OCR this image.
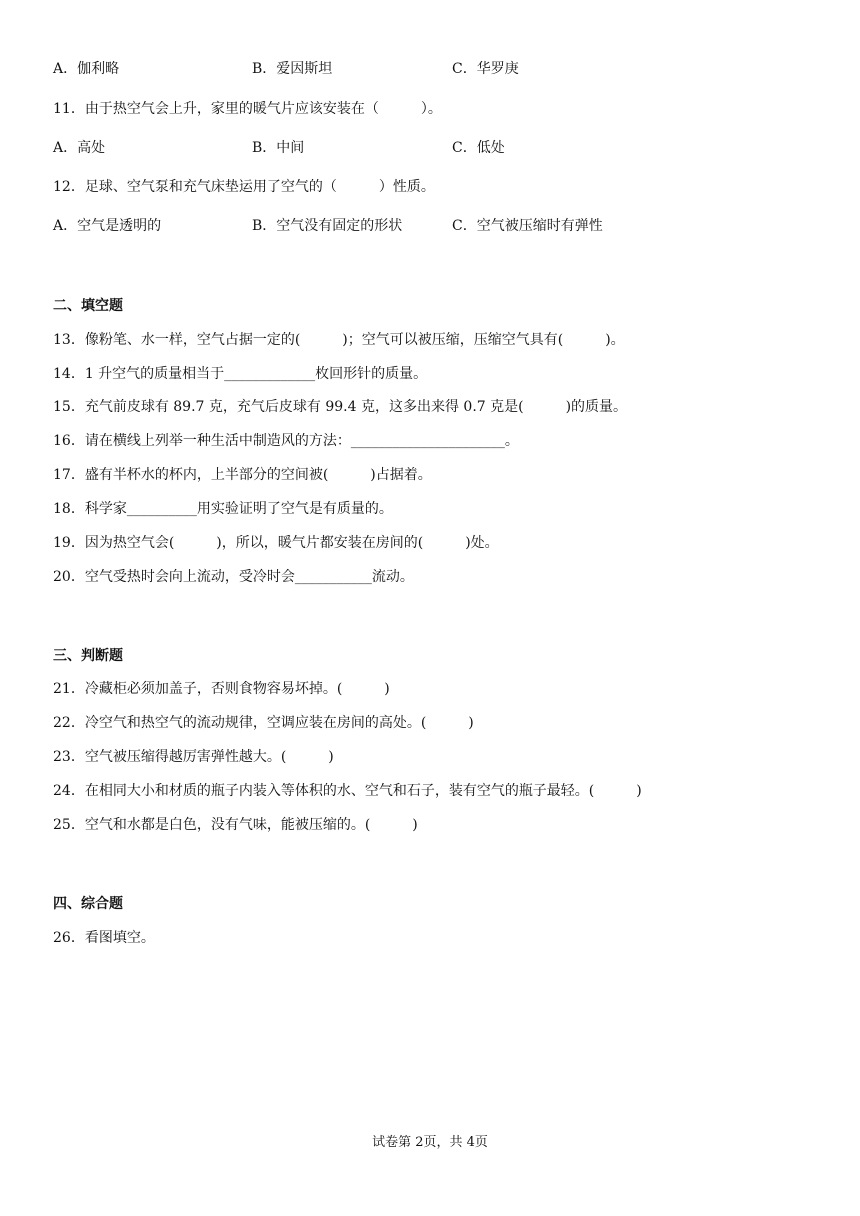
A．伽利略	B．爱因斯坦	C．华罗庚
11．由于热空气会上升，家里的暖气片应该安装在（　　　）。
A．高处	B．中间	C．低处
12．足球、空气泵和充气床垫运用了空气的（　　　）性质。
A．空气是透明的	B．空气没有固定的形状	C．空气被压缩时有弹性
二、填空题
13．像粉笔、水一样，空气占据一定的(　　　)；空气可以被压缩，压缩空气具有(　　　)。
14．1 升空气的质量相当于_____________枚回形针的质量。
15．充气前皮球有 89.7 克，充气后皮球有 99.4 克，这多出来得 0.7 克是(　　　)的质量。
16．请在横线上列举一种生活中制造风的方法：______________________。
17．盛有半杯水的杯内，上半部分的空间被(　　　)占据着。
18．科学家__________用实验证明了空气是有质量的。
19．因为热空气会(　　　)，所以，暖气片都安装在房间的(　　　)处。
20．空气受热时会向上流动，受冷时会___________流动。
三、判断题
21．冷藏柜必须加盖子，否则食物容易坏掉。(　　　)
22．冷空气和热空气的流动规律，空调应装在房间的高处。(　　　)
23．空气被压缩得越厉害弹性越大。(　　　)
24．在相同大小和材质的瓶子内装入等体积的水、空气和石子，装有空气的瓶子最轻。(　　　)
25．空气和水都是白色，没有气味，能被压缩的。(　　　)
四、综合题
26．看图填空。
试卷第 2页，共 4页
